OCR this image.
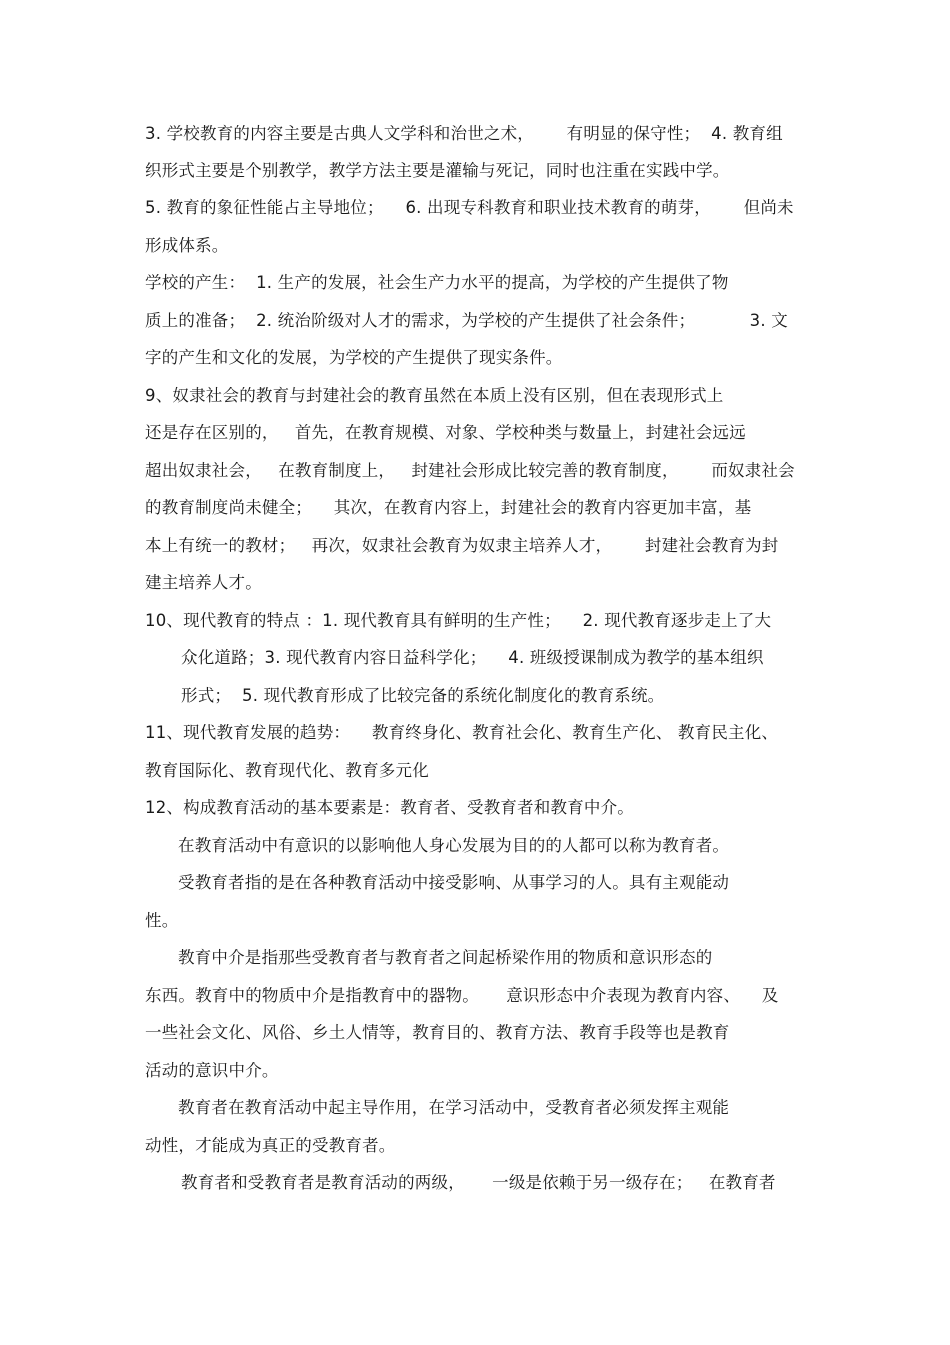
3. 学校教育的内容主要是古典人文学科和治世之术，      有明显的保守性；  4. 教育组
织形式主要是个别教学，教学方法主要是灌输与死记，同时也注重在实践中学。
5. 教育的象征性能占主导地位；    6. 出现专科教育和职业技术教育的萌芽，      但尚未
形成体系。
学校的产生：  1. 生产的发展，社会生产力水平的提高，为学校的产生提供了物
质上的准备；  2. 统治阶级对人才的需求，为学校的产生提供了社会条件；          3. 文
字的产生和文化的发展，为学校的产生提供了现实条件。
9、奴隶社会的教育与封建社会的教育虽然在本质上没有区别，但在表现形式上
还是存在区别的，   首先，在教育规模、对象、学校种类与数量上，封建社会远远
超出奴隶社会，   在教育制度上，   封建社会形成比较完善的教育制度，      而奴隶社会
的教育制度尚未健全；    其次，在教育内容上，封建社会的教育内容更加丰富，基
本上有统一的教材；   再次，奴隶社会教育为奴隶主培养人才，      封建社会教育为封
建主培养人才。
10、现代教育的特点 ：1. 现代教育具有鲜明的生产性；    2. 现代教育逐步走上了大
众化道路；3. 现代教育内容日益科学化；    4. 班级授课制成为教学的基本组织
形式；  5. 现代教育形成了比较完备的系统化制度化的教育系统。
11、现代教育发展的趋势：    教育终身化、教育社会化、教育生产化、 教育民主化、
教育国际化、教育现代化、教育多元化
12、构成教育活动的基本要素是：教育者、受教育者和教育中介。
在教育活动中有意识的以影响他人身心发展为目的的人都可以称为教育者。
受教育者指的是在各种教育活动中接受影响、从事学习的人。具有主观能动
性。
教育中介是指那些受教育者与教育者之间起桥梁作用的物质和意识形态的
东西。教育中的物质中介是指教育中的器物。     意识形态中介表现为教育内容、    及
一些社会文化、风俗、乡土人情等，教育目的、教育方法、教育手段等也是教育
活动的意识中介。
教育者在教育活动中起主导作用，在学习活动中，受教育者必须发挥主观能
动性，才能成为真正的受教育者。
教育者和受教育者是教育活动的两级，     一级是依赖于另一级存在；   在教育者
